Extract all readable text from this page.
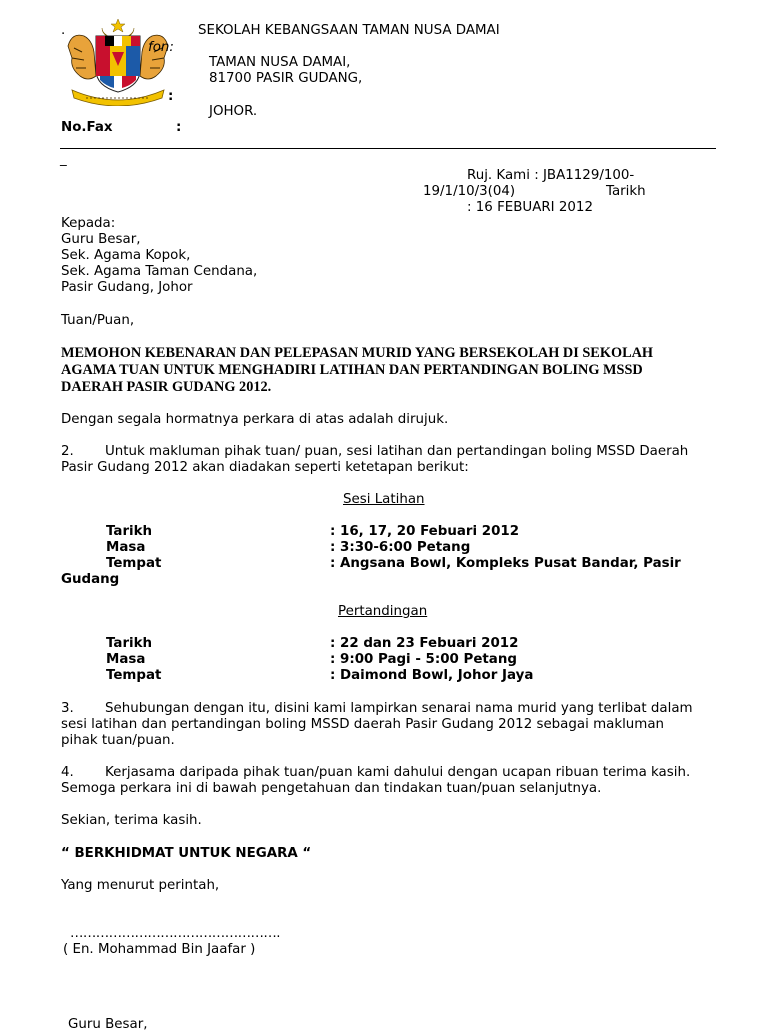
.	SEKOLAH KEBANGSAAN TAMAN NUSA DAMAI
fon:
TAMAN NUSA DAMAI,
81700 PASIR GUDANG,
:
JOHOR.
No.Fax	:
_
Ruj. Kami : JBA1129/100-
19/1/10/3(04)	Tarikh
: 16 FEBUARI 2012
Kepada:
Guru Besar,
Sek. Agama Kopok,
Sek. Agama Taman Cendana,
Pasir Gudang, Johor
Tuan/Puan,
MEMOHON KEBENARAN DAN PELEPASAN MURID YANG BERSEKOLAH DI SEKOLAH
AGAMA TUAN UNTUK MENGHADIRI LATIHAN DAN PERTANDINGAN BOLING MSSD
DAERAH PASIR GUDANG 2012.
Dengan segala hormatnya perkara di atas adalah dirujuk.
2. Untuk makluman pihak tuan/ puan, sesi latihan dan pertandingan boling MSSD Daerah
Pasir Gudang 2012 akan diadakan seperti ketetapan berikut:
Sesi Latihan
Tarikh	: 16, 17, 20 Febuari 2012
Masa	: 3:30-6:00 Petang
Tempat	: Angsana Bowl, Kompleks Pusat Bandar, Pasir
Gudang
Pertandingan
Tarikh	: 22 dan 23 Febuari 2012
Masa	: 9:00 Pagi - 5:00 Petang
Tempat	: Daimond Bowl, Johor Jaya
3. Sehubungan dengan itu, disini kami lampirkan senarai nama murid yang terlibat dalam
sesi latihan dan pertandingan boling MSSD daerah Pasir Gudang 2012 sebagai makluman
pihak tuan/puan.
4. Kerjasama daripada pihak tuan/puan kami dahului dengan ucapan ribuan terima kasih.
Semoga perkara ini di bawah pengetahuan dan tindakan tuan/puan selanjutnya.
Sekian, terima kasih.
“ BERKHIDMAT UNTUK NEGARA “
Yang menurut perintah,
………………………………………….
( En. Mohammad Bin Jaafar )
Guru Besar,
